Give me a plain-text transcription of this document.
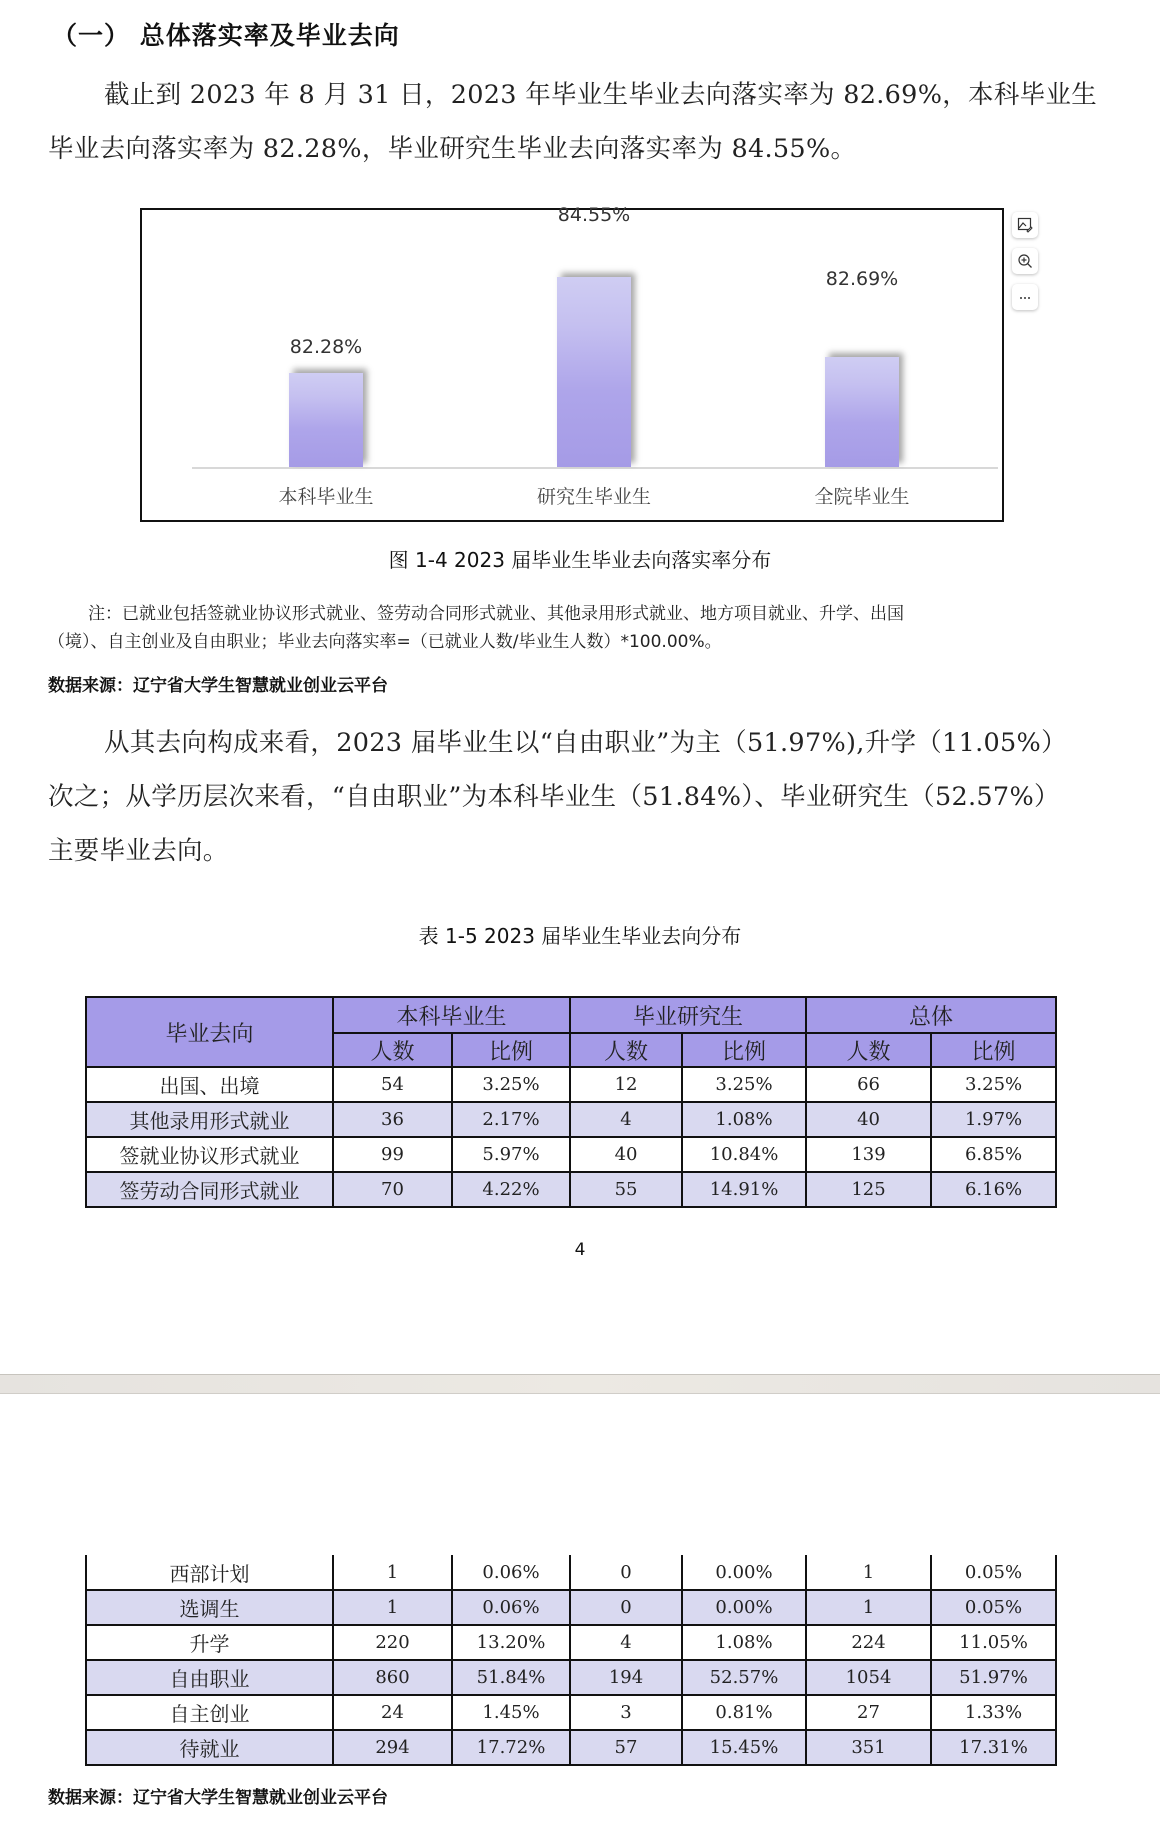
（一） 总体落实率及毕业去向
截止到 2023 年 8 月 31 日，2023 年毕业生毕业去向落实率为 82.69%，本科毕业生
毕业去向落实率为 82.28%，毕业研究生毕业去向落实率为 84.55%。
82.28%
本科毕业生
84.55%
研究生毕业生
82.69%
全院毕业生
图 1-4 2023 届毕业生毕业去向落实率分布
注：已就业包括签就业协议形式就业、签劳动合同形式就业、其他录用形式就业、地方项目就业、升学、出国
（境）、自主创业及自由职业；毕业去向落实率=（已就业人数/毕业生人数）*100.00%。
数据来源：辽宁省大学生智慧就业创业云平台
从其去向构成来看，2023 届毕业生以“自由职业”为主（51.97%),升学（11.05%）
次之；从学历层次来看，“自由职业”为本科毕业生（51.84%）、毕业研究生（52.57%）
主要毕业去向。
表 1-5 2023 届毕业生毕业去向分布
毕业去向	本科毕业生		毕业研究生		总体	
	人数	比例	人数	比例	人数	比例
出国、出境	54	3.25%	12	3.25%	66	3.25%
其他录用形式就业	36	2.17%	4	1.08%	40	1.97%
签就业协议形式就业	99	5.97%	40	10.84%	139	6.85%
签劳动合同形式就业	70	4.22%	55	14.91%	125	6.16%
4
西部计划	1	0.06%	0	0.00%	1	0.05%
选调生	1	0.06%	0	0.00%	1	0.05%
升学	220	13.20%	4	1.08%	224	11.05%
自由职业	860	51.84%	194	52.57%	1054	51.97%
自主创业	24	1.45%	3	0.81%	27	1.33%
待就业	294	17.72%	57	15.45%	351	17.31%
数据来源：辽宁省大学生智慧就业创业云平台
